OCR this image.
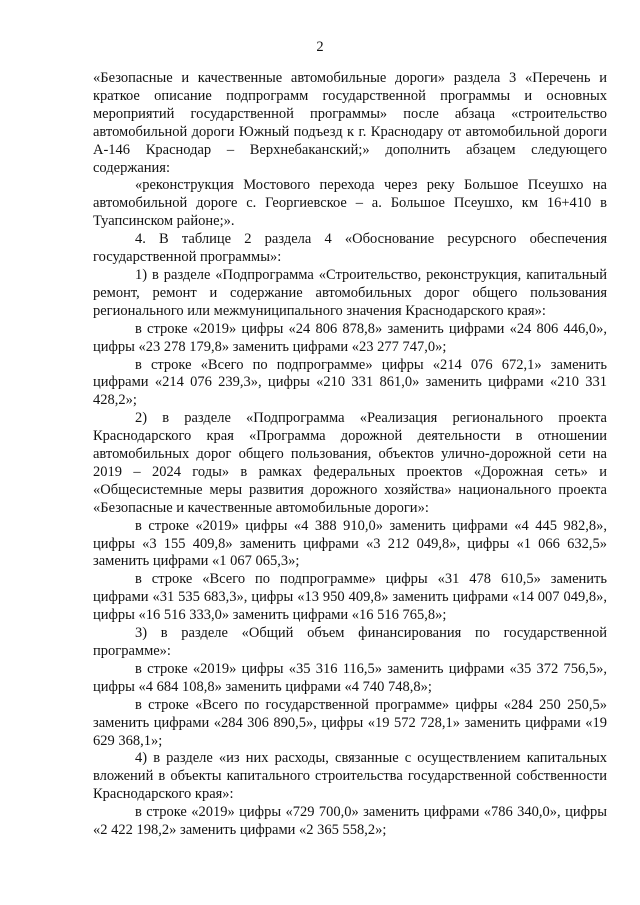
2

«Безопасные и качественные автомобильные дороги» раздела 3 «Перечень и краткое описание подпрограмм государственной программы и основных мероприятий государственной программы» после абзаца «строительство автомобильной дороги Южный подъезд к г. Краснодару от автомобильной дороги А-146 Краснодар – Верхнебаканский;» дополнить абзацем следующего содержания:

«реконструкция Мостового перехода через реку Большое Псеушхо на автомобильной дороге с. Георгиевское – а. Большое Псеушхо, км 16+410 в Туапсинском районе;».

4. В таблице 2 раздела 4 «Обоснование ресурсного обеспечения государственной программы»:

1) в разделе «Подпрограмма «Строительство, реконструкция, капитальный ремонт, ремонт и содержание автомобильных дорог общего пользования регионального или межмуниципального значения Краснодарского края»:

в строке «2019» цифры «24 806 878,8» заменить цифрами «24 806 446,0», цифры «23 278 179,8» заменить цифрами «23 277 747,0»;

в строке «Всего по подпрограмме» цифры «214 076 672,1» заменить цифрами «214 076 239,3», цифры «210 331 861,0» заменить цифрами «210 331 428,2»;

2) в разделе «Подпрограмма «Реализация регионального проекта Краснодарского края «Программа дорожной деятельности в отношении автомобильных дорог общего пользования, объектов улично-дорожной сети на 2019 – 2024 годы» в рамках федеральных проектов «Дорожная сеть» и «Общесистемные меры развития дорожного хозяйства» национального проекта «Безопасные и качественные автомобильные дороги»:

в строке «2019» цифры «4 388 910,0» заменить цифрами «4 445 982,8», цифры «3 155 409,8» заменить цифрами «3 212 049,8», цифры «1 066 632,5» заменить цифрами «1 067 065,3»;

в строке «Всего по подпрограмме» цифры «31 478 610,5» заменить цифрами «31 535 683,3», цифры «13 950 409,8» заменить цифрами «14 007 049,8», цифры «16 516 333,0» заменить цифрами «16 516 765,8»;

3) в разделе «Общий объем финансирования по государственной программе»:

в строке «2019» цифры «35 316 116,5» заменить цифрами «35 372 756,5», цифры «4 684 108,8» заменить цифрами «4 740 748,8»;

в строке «Всего по государственной программе» цифры «284 250 250,5» заменить цифрами «284 306 890,5», цифры «19 572 728,1» заменить цифрами «19 629 368,1»;

4) в разделе «из них расходы, связанные с осуществлением капитальных вложений в объекты капитального строительства государственной собственности Краснодарского края»:

в строке «2019» цифры «729 700,0» заменить цифрами «786 340,0», цифры «2 422 198,2» заменить цифрами «2 365 558,2»;
